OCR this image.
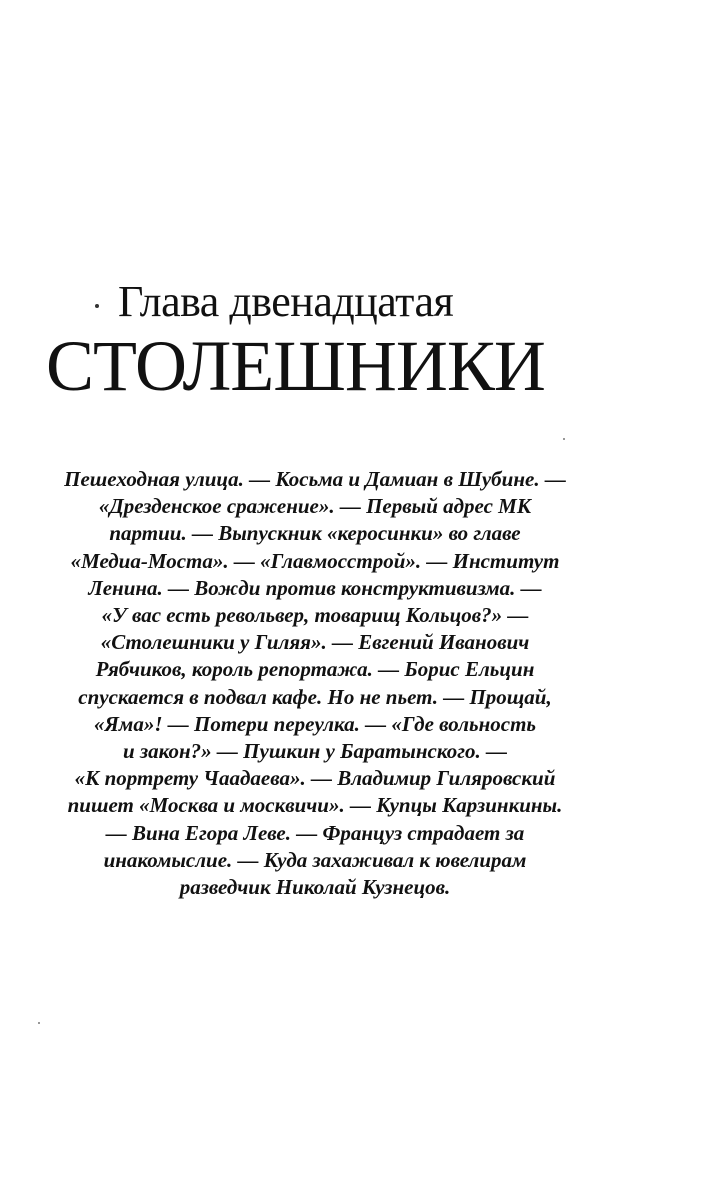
Глава двенадцатая
СТОЛЕШНИКИ
Пешеходная улица. — Косьма и Дамиан в Шубине. —
«Дрезденское сражение». — Первый адрес МК
партии. — Выпускник «керосинки» во главе
«Медиа-Моста». — «Главмосстрой». — Институт
Ленина. — Вожди против конструктивизма. —
«У вас есть револьвер, товарищ Кольцов?» —
«Столешники у Гиляя». — Евгений Иванович
Рябчиков, король репортажа. — Борис Ельцин
спускается в подвал кафе. Но не пьет. — Прощай,
«Яма»! — Потери переулка. — «Где вольность
и закон?» — Пушкин у Баратынского. —
«К портрету Чаадаева». — Владимир Гиляровский
пишет «Москва и москвичи». — Купцы Карзинкины.
— Вина Егора Леве. — Француз страдает за
инакомыслие. — Куда захаживал к ювелирам
разведчик Николай Кузнецов.
